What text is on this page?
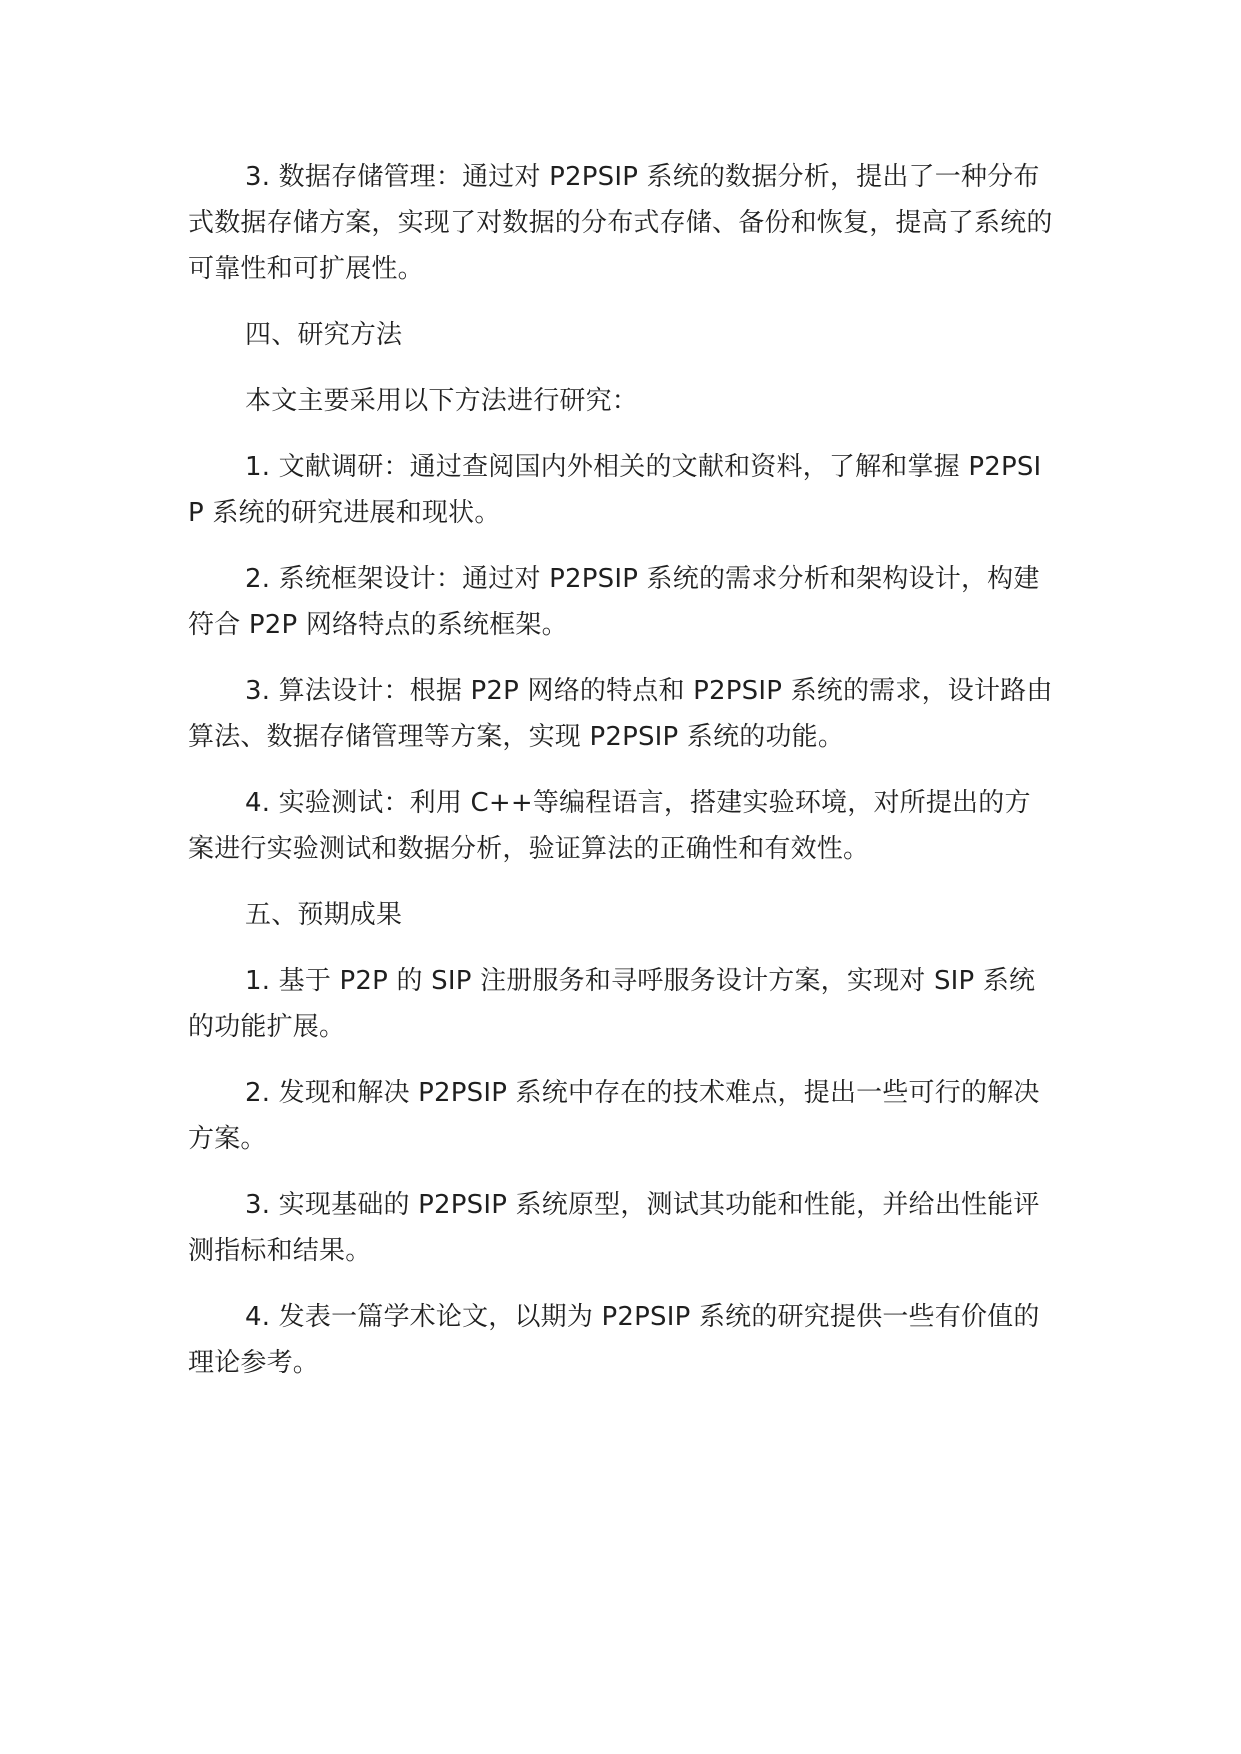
3. 数据存储管理：通过对 P2PSIP 系统的数据分析，提出了一种分布式数据存储方案，实现了对数据的分布式存储、备份和恢复，提高了系统的可靠性和可扩展性。

四、研究方法

本文主要采用以下方法进行研究：

1. 文献调研：通过查阅国内外相关的文献和资料，了解和掌握 P2PSIP 系统的研究进展和现状。

2. 系统框架设计：通过对 P2PSIP 系统的需求分析和架构设计，构建符合 P2P 网络特点的系统框架。

3. 算法设计：根据 P2P 网络的特点和 P2PSIP 系统的需求，设计路由算法、数据存储管理等方案，实现 P2PSIP 系统的功能。

4. 实验测试：利用 C++等编程语言，搭建实验环境，对所提出的方案进行实验测试和数据分析，验证算法的正确性和有效性。

五、预期成果

1. 基于 P2P 的 SIP 注册服务和寻呼服务设计方案，实现对 SIP 系统的功能扩展。

2. 发现和解决 P2PSIP 系统中存在的技术难点，提出一些可行的解决方案。

3. 实现基础的 P2PSIP 系统原型，测试其功能和性能，并给出性能评测指标和结果。

4. 发表一篇学术论文，以期为 P2PSIP 系统的研究提供一些有价值的理论参考。
